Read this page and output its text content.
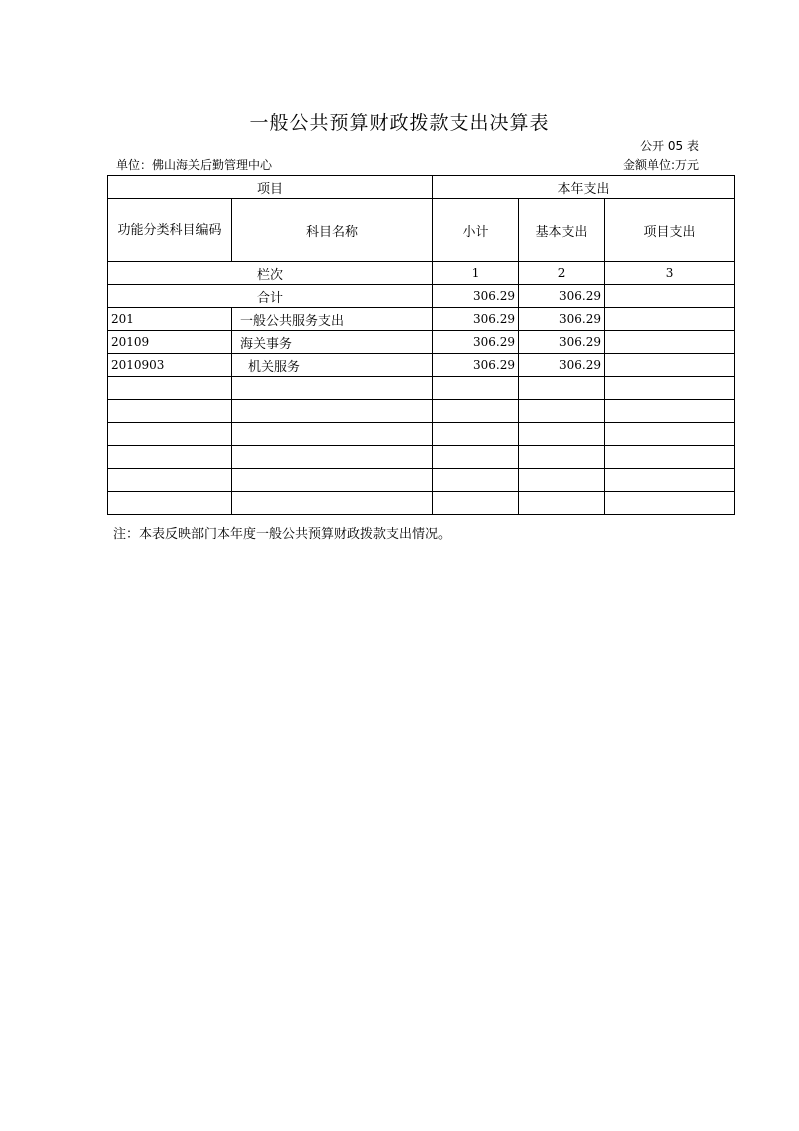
一般公共预算财政拨款支出决算表
公开 05 表
单位：佛山海关后勤管理中心	金额单位:万元
项目		本年支出		
功能分类科目编码	科目名称	小计	基本支出	项目支出
栏次		1	2	3
合计		306.29	306.29	
201	一般公共服务支出	306.29	306.29	
20109	海关事务	306.29	306.29	
2010903	机关服务	306.29	306.29	

注：本表反映部门本年度一般公共预算财政拨款支出情况。
